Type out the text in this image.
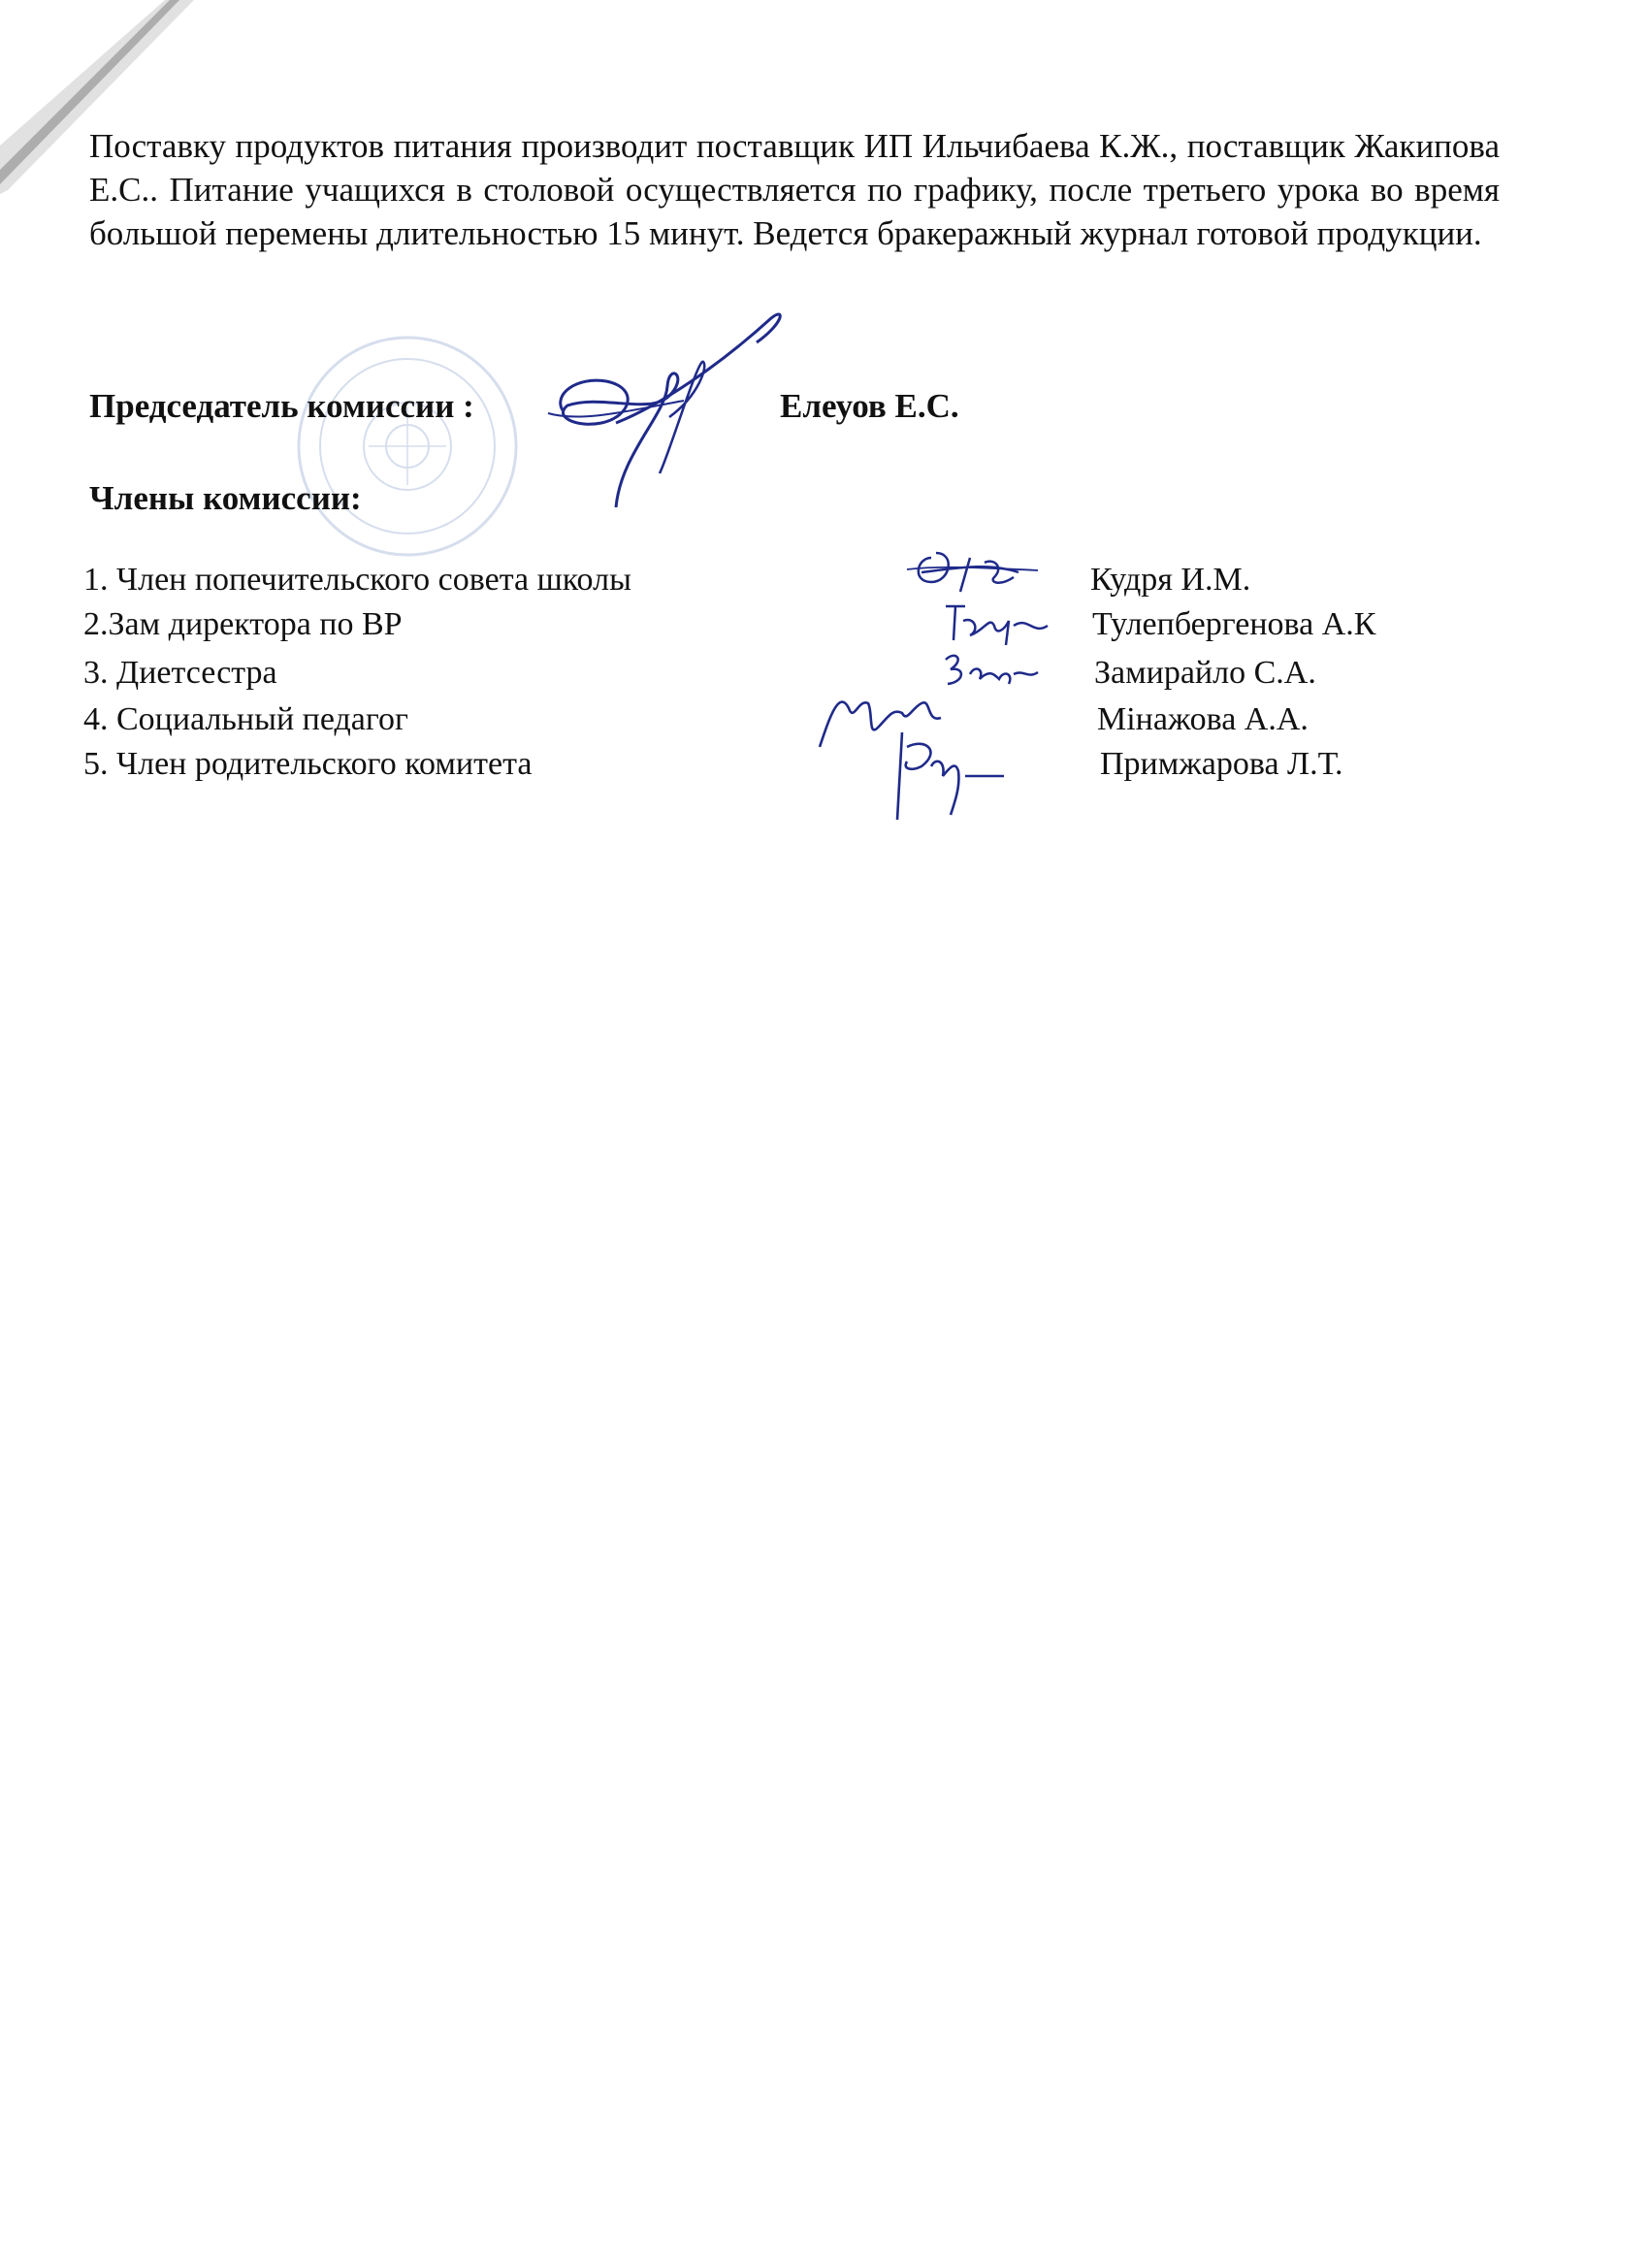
Поставку продуктов питания производит поставщик ИП Ильчибаева К.Ж., поставщик Жакипова Е.С.. Питание учащихся в столовой осуществляется по графику, после третьего урока во время большой перемены длительностью 15 минут. Ведется бракеражный журнал готовой продукции.
Председатель комиссии :	Елеуов Е.С.
Члены комиссии:
1. Член попечительского совета школы	Кудря И.М.
2.Зам директора по ВР	Тулепбергенова А.К
3. Диетсестра	Замирайло С.А.
4. Социальный педагог	Мінажова А.А.
5. Член родительского комитета	Примжарова Л.Т.
